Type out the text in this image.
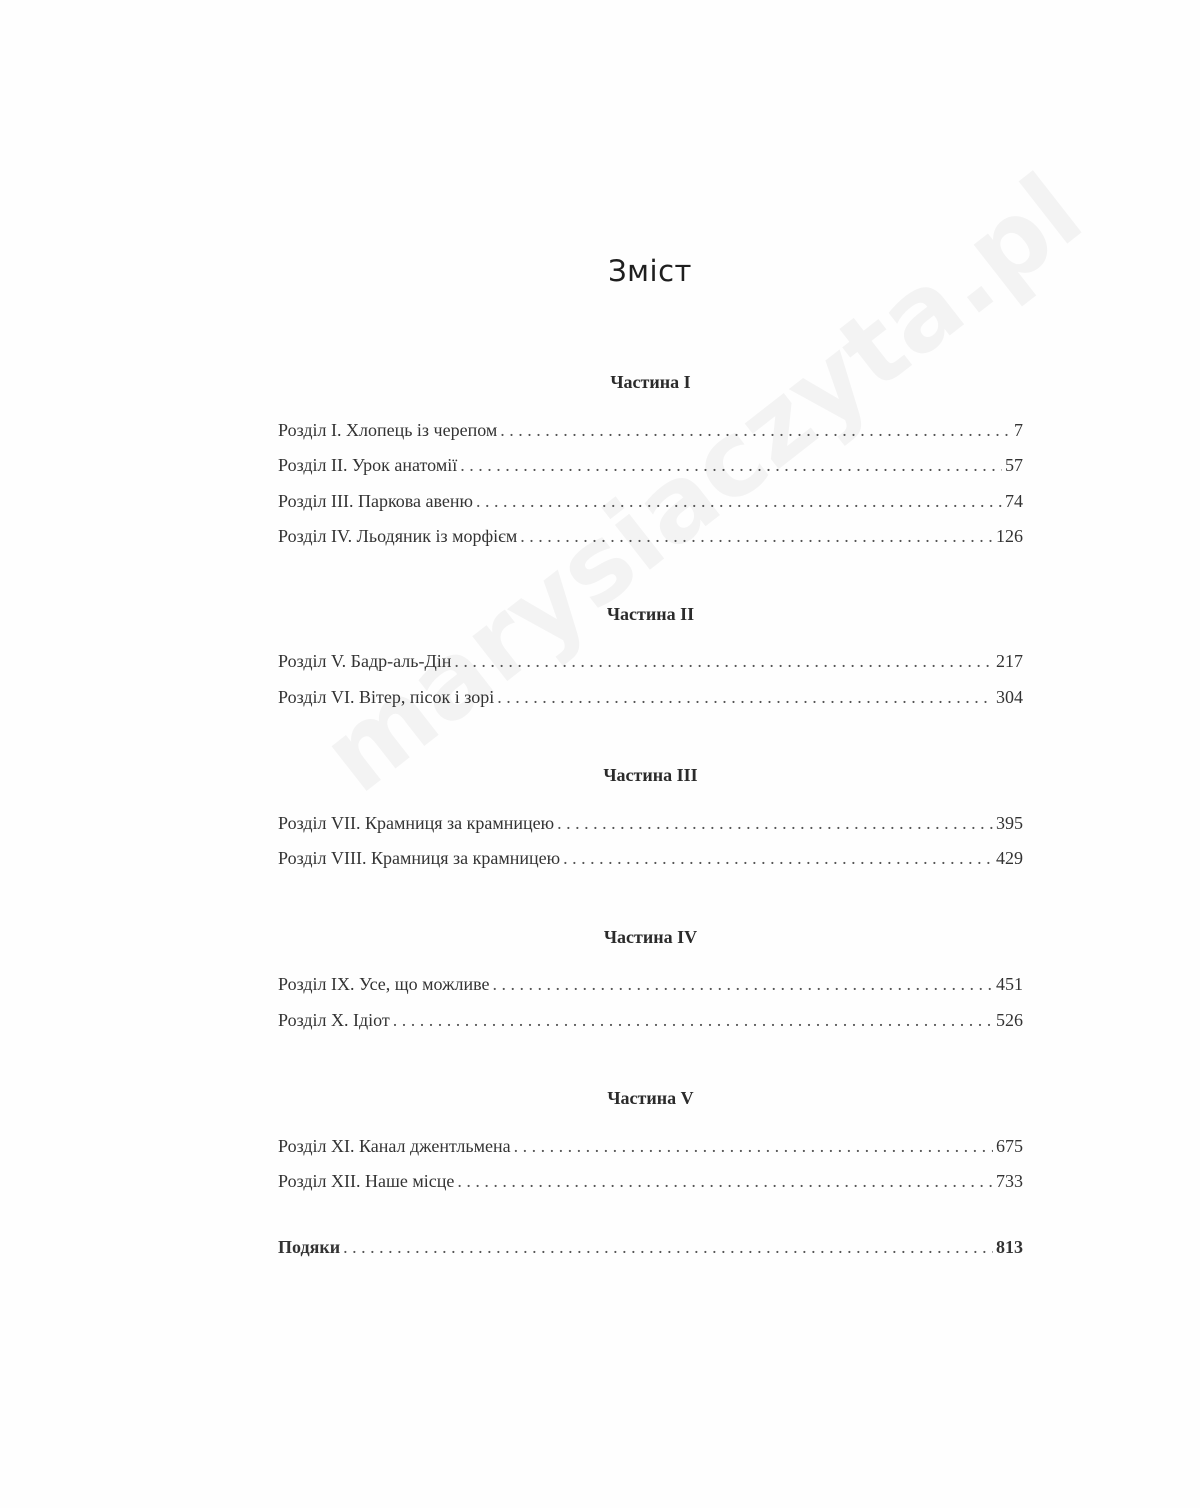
Зміст
Частина І
Розділ І. Хлопець із черепом . . .	7
Розділ ІІ. Урок анатомії . . .	57
Розділ ІІІ. Паркова авеню . . .	74
Розділ IV. Льодяник із морфієм . . .	126
Частина ІІ
Розділ V. Бадр-аль-Дін . . .	217
Розділ VI. Вітер, пісок і зорі . . .	304
Частина ІІІ
Розділ VII. Крамниця за крамницею . . .	395
Розділ VIII. Крамниця за крамницею . . .	429
Частина IV
Розділ IX. Усе, що можливе . . .	451
Розділ X. Ідіот . . .	526
Частина V
Розділ XI. Канал джентльмена . . .	675
Розділ XII. Наше місце . . .	733
Подяки . . .	813
